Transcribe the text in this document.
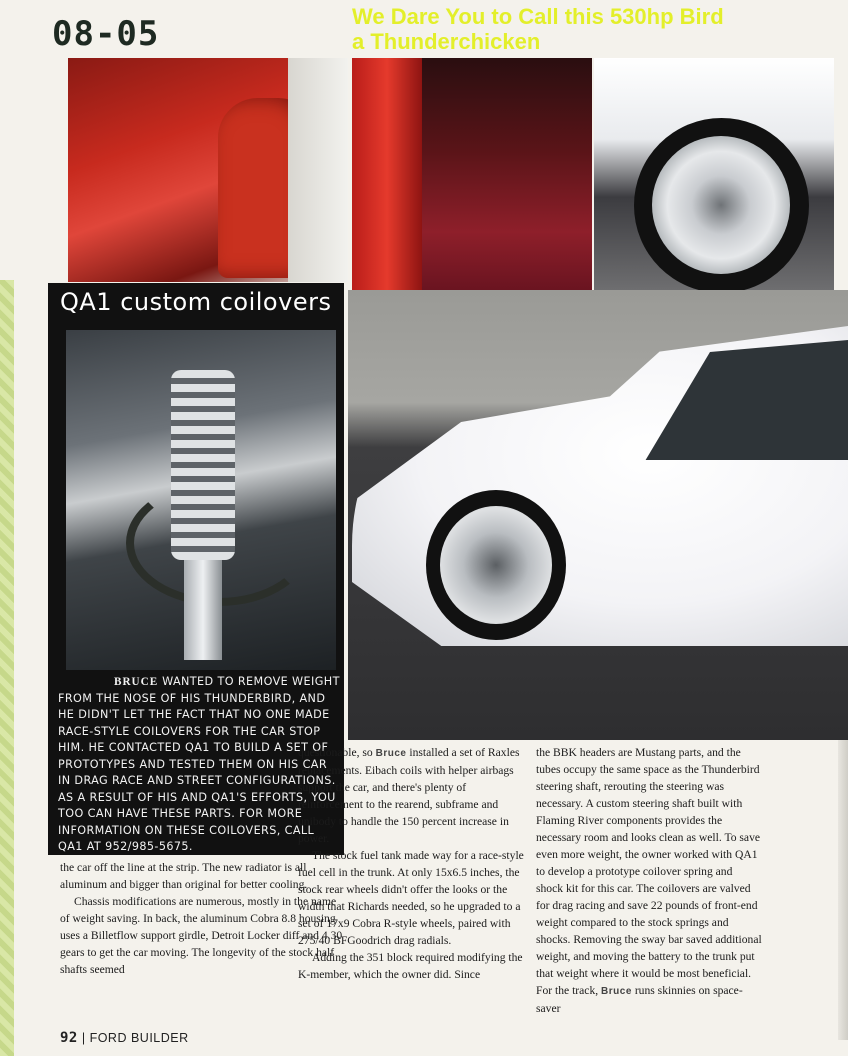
08-05	We Dare You to Call this 530hp Bird
a Thunderchicken
QA1 custom coilovers
BRUCE WANTED TO REMOVE WEIGHT FROM THE NOSE OF HIS THUNDERBIRD, AND HE DIDN'T LET THE FACT THAT NO ONE MADE RACE-STYLE COILOVERS FOR THE CAR STOP HIM. HE CONTACTED QA1 TO BUILD A SET OF PROTOTYPES AND TESTED THEM ON HIS CAR IN DRAG RACE AND STREET CONFIGURATIONS. AS A RESULT OF HIS AND QA1'S EFFORTS, YOU TOO CAN HAVE THESE PARTS. FOR MORE INFORMATION ON THESE COILOVERS, CALL QA1 AT 952/985-5675.

the car off the line at the strip. The new radiator is all aluminum and bigger than original for better cooling.

Chassis modifications are numerous, mostly in the name of weight saving. In back, the aluminum Cobra 8.8 housing uses a Billetflow support girdle, Detroit Locker diff and 4.30 gears to get the car moving. The longevity of the stock half shafts seemed

questionable, so Bruce installed a set of Raxles replacements. Eibach coils with helper airbags support the car, and there's plenty of reinforcement to the rearend, subframe and unibody to handle the 150 percent increase in power.

The stock fuel tank made way for a race-style fuel cell in the trunk. At only 15x6.5 inches, the stock rear wheels didn't offer the looks or the width that Richards needed, so he upgraded to a set of 17x9 Cobra R-style wheels, paired with 275/40 BFGoodrich drag radials.

Adding the 351 block required modifying the K-member, which the owner did. Since

the BBK headers are Mustang parts, and the tubes occupy the same space as the Thunderbird steering shaft, rerouting the steering was necessary. A custom steering shaft built with Flaming River components provides the necessary room and looks clean as well. To save even more weight, the owner worked with QA1 to develop a prototype coilover spring and shock kit for this car. The coilovers are valved for drag racing and save 22 pounds of front-end weight compared to the stock springs and shocks. Removing the sway bar saved additional weight, and moving the battery to the trunk put that weight where it would be most beneficial. For the track, Bruce runs skinnies on space-saver

92 | FORD BUILDER
